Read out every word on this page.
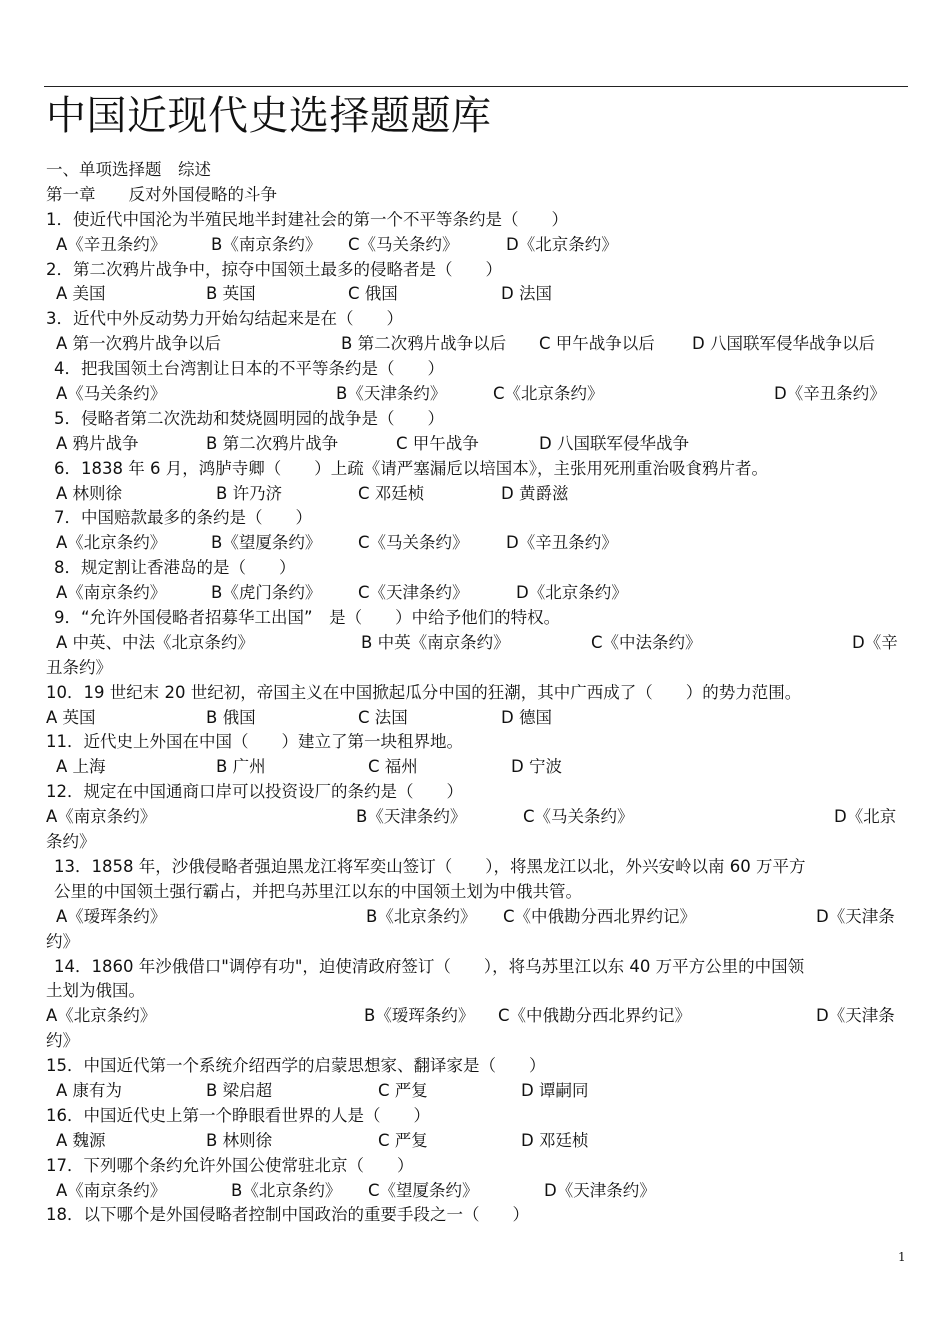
中国近现代史选择题题库
一、单项选择题　综述
第一章　　反对外国侵略的斗争
1．使近代中国沦为半殖民地半封建社会的第一个不平等条约是（　　）
A《辛丑条约》	B《南京条约》 C《马关条约》	D《北京条约》
2．第二次鸦片战争中，掠夺中国领土最多的侵略者是（　　）
A 美国	B 英国	C 俄国	D 法国
3．近代中外反动势力开始勾结起来是在（　　）
A 第一次鸦片战争以后	B 第二次鸦片战争以后 C 甲午战争以后 D 八国联军侵华战争以后
4．把我国领土台湾割让日本的不平等条约是（　　）
A《马关条约》	B《天津条约》	C《北京条约》	D《辛丑条约》
5．侵略者第二次洗劫和焚烧圆明园的战争是（　　）
A 鸦片战争	B 第二次鸦片战争	C 甲午战争	D 八国联军侵华战争
6．1838 年 6 月，鸿胪寺卿（　　）上疏《请严塞漏卮以培国本》，主张用死刑重治吸食鸦片者。
A 林则徐	B 许乃济	C 邓廷桢	D 黄爵滋
7．中国赔款最多的条约是（　　）
A《北京条约》	B《望厦条约》 C《马关条约》 D《辛丑条约》
8．规定割让香港岛的是（　　）
A《南京条约》	B《虎门条约》 C《天津条约》	D《北京条约》
9．“允许外国侵略者招募华工出国”　是（　　）中给予他们的特权。
A 中英、中法《北京条约》	B 中英《南京条约》	C《中法条约》	D《辛
丑条约》
10．19 世纪末 20 世纪初，帝国主义在中国掀起瓜分中国的狂潮，其中广西成了（　　）的势力范围。
A 英国	B 俄国	C 法国	D 德国
11．近代史上外国在中国（　　）建立了第一块租界地。
A 上海	B 广州	C 福州	D 宁波
12．规定在中国通商口岸可以投资设厂的条约是（　　）
A《南京条约》	B《天津条约》	C《马关条约》	D《北京
条约》
13．1858 年，沙俄侵略者强迫黑龙江将军奕山签订（　　），将黑龙江以北，外兴安岭以南 60 万平方
公里的中国领土强行霸占，并把乌苏里江以东的中国领土划为中俄共管。
A《瑷珲条约》	B《北京条约》 C《中俄勘分西北界约记》	D《天津条
约》
14．1860 年沙俄借口"调停有功"，迫使清政府签订（　　），将乌苏里江以东 40 万平方公里的中国领
土划为俄国。
A《北京条约》	B《瑷珲条约》 C《中俄勘分西北界约记》	D《天津条
约》
15．中国近代第一个系统介绍西学的启蒙思想家、翻译家是（　　）
A 康有为	B 梁启超	C 严复	D 谭嗣同
16．中国近代史上第一个睁眼看世界的人是（　　）
A 魏源	B 林则徐	C 严复	D 邓廷桢
17．下列哪个条约允许外国公使常驻北京（　　）
A《南京条约》	B《北京条约》 C《望厦条约》	D《天津条约》
18．以下哪个是外国侵略者控制中国政治的重要手段之一（　　）
1
